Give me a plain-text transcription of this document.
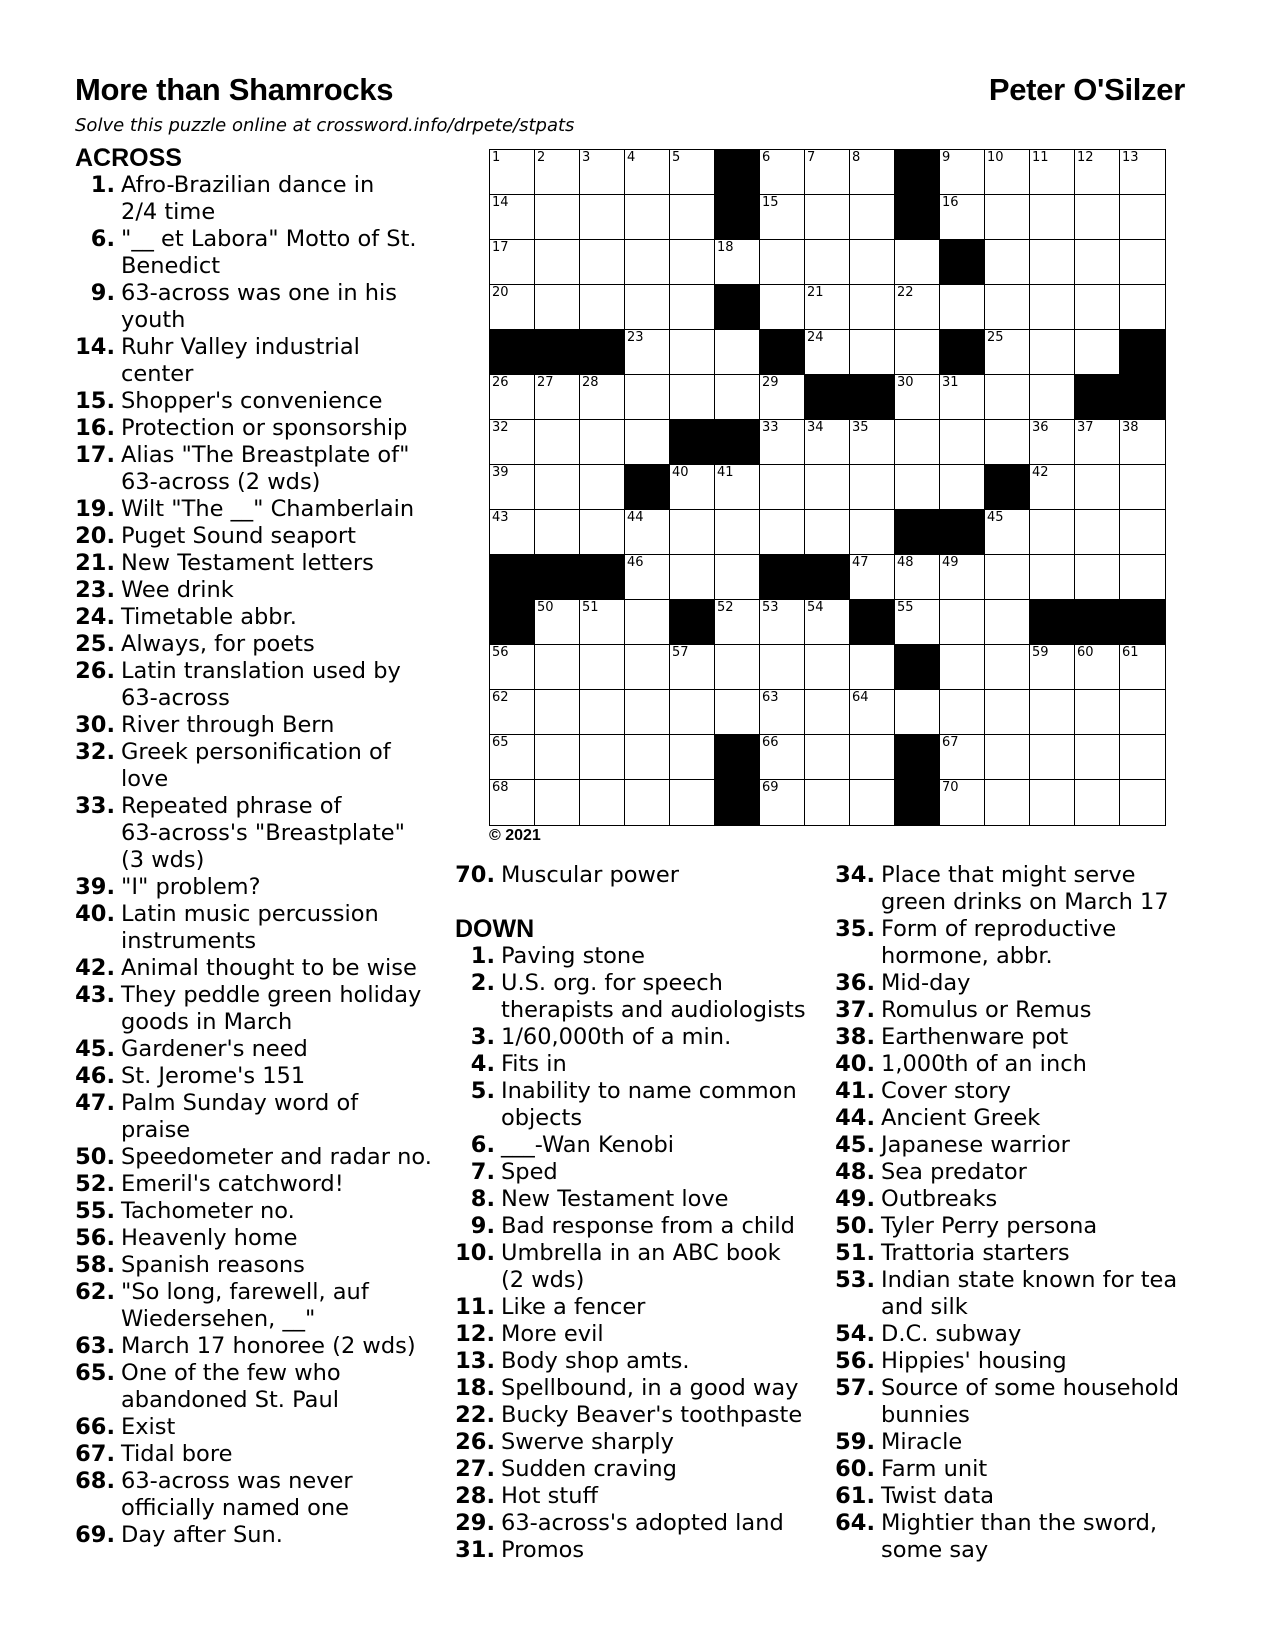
More than Shamrocks	Peter O'Silzer
Solve this puzzle online at crossword.info/drpete/stpats
1	2	3	4	5	6	7	8	9	10 11 12 13
14	15	16
17	18
20	21	22
23	24	25
26 27 28	29	30 31
32	33 34 35	36 37 38
39	40 41	42
43	44	45
46	47 48 49
50 51	52 53 54	55
56	57	59 60 61
62	63	64
65	66	67
68	69	70
© 2021
ACROSS
1. Afro-Brazilian dance in
2/4 time
6. "__ et Labora" Motto of St.
Benedict
9. 63-across was one in his
youth
14. Ruhr Valley industrial
center
15. Shopper's convenience
16. Protection or sponsorship
17. Alias "The Breastplate of"
63-across (2 wds)
19. Wilt "The __" Chamberlain
20. Puget Sound seaport
21. New Testament letters
23. Wee drink
24. Timetable abbr.
25. Always, for poets
26. Latin translation used by
63-across
30. River through Bern
32. Greek personification of
love
33. Repeated phrase of
63-across's "Breastplate"
(3 wds)
39. "I" problem?
40. Latin music percussion
instruments
42. Animal thought to be wise
43. They peddle green holiday
goods in March
45. Gardener's need
46. St. Jerome's 151
47. Palm Sunday word of
praise
50. Speedometer and radar no.
52. Emeril's catchword!
55. Tachometer no.
56. Heavenly home
58. Spanish reasons
62. "So long, farewell, auf
Wiedersehen, __"
63. March 17 honoree (2 wds)
65. One of the few who
abandoned St. Paul
66. Exist
67. Tidal bore
68. 63-across was never
officially named one
69. Day after Sun.
70. Muscular power
DOWN
1. Paving stone
2. U.S. org. for speech
therapists and audiologists
3. 1/60,000th of a min.
4. Fits in
5. Inability to name common
objects
6. ___-Wan Kenobi
7. Sped
8. New Testament love
9. Bad response from a child
10. Umbrella in an ABC book
(2 wds)
11. Like a fencer
12. More evil
13. Body shop amts.
18. Spellbound, in a good way
22. Bucky Beaver's toothpaste
26. Swerve sharply
27. Sudden craving
28. Hot stuff
29. 63-across's adopted land
31. Promos
34. Place that might serve
green drinks on March 17
35. Form of reproductive
hormone, abbr.
36. Mid-day
37. Romulus or Remus
38. Earthenware pot
40. 1,000th of an inch
41. Cover story
44. Ancient Greek
45. Japanese warrior
48. Sea predator
49. Outbreaks
50. Tyler Perry persona
51. Trattoria starters
53. Indian state known for tea
and silk
54. D.C. subway
56. Hippies' housing
57. Source of some household
bunnies
59. Miracle
60. Farm unit
61. Twist data
64. Mightier than the sword,
some say
